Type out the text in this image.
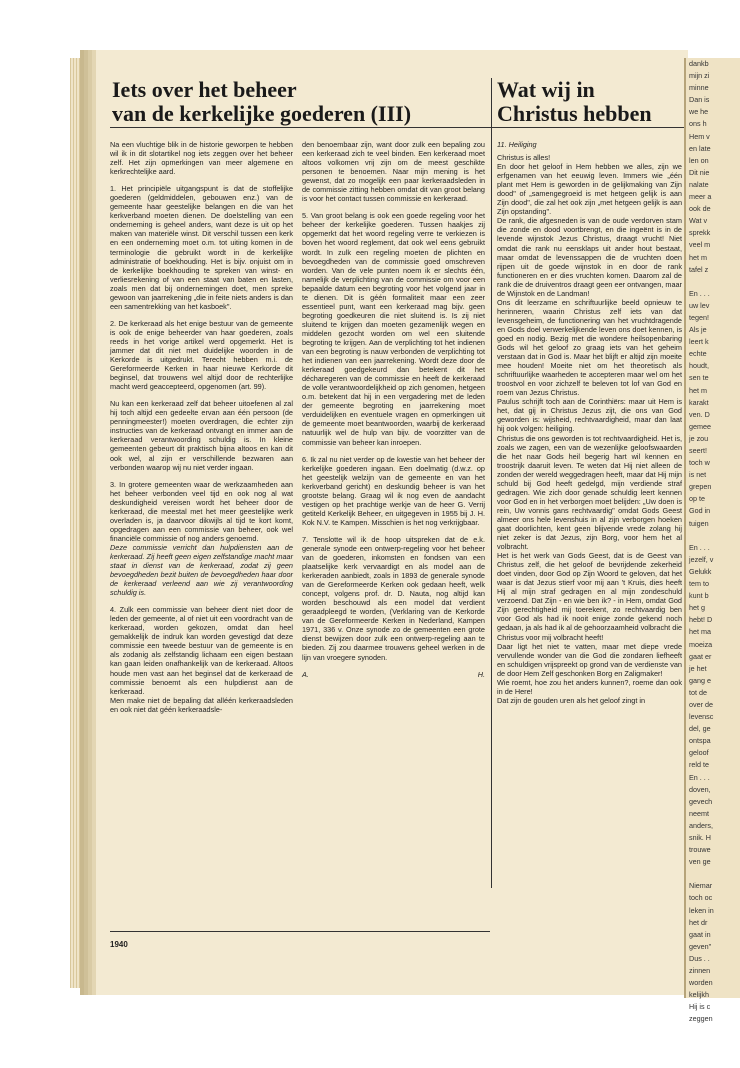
dankb
mijn zi
minne
Dan is
we he
ons h
Hem v
en late
len on
Dit nie
nalate
meer a
ook de
Wat v
sprekk
veel m
het m
tafel z

En . . .
uw lev
tegen!
Als je
leert k
echte
houdt,
sen te
het m
karakt
ven. D
gemee
je zou
seert!
toch w
is net
grepen
op te
God in
tuigen

En . . .
jezelf, v
Gelukk
tem to
kunt b
het g
hebt! D
het ma
moeiza
gaat er
je het
gang e
tot de
over de
levensc
del, ge
ontspa
geloof
reld te
En . . .
doven,
gevech
neemt
anders,
snik. H
trouwe
ven ge

Niemar
toch oc
leken in
het dr
gaat in
geven"
Dus . .
zinnen
worden
kelijkh
Hij is c
zeggen
Iets over het beheer
van de kerkelijke goederen (III)
Wat wij in
Christus hebben

Na een vluchtige blik in de historie geworpen te hebben wil ik in dit slotartikel nog iets zeggen over het beheer zelf. Het zijn opmerkingen van meer algemene en kerkrechtelijke aard.

1. Het principiële uitgangspunt is dat de stoffelijke goederen (geldmiddelen, gebouwen enz.) van de gemeente haar geestelijke belangen en die van het kerkverband moeten dienen. De doelstelling van een onderneming is geheel anders, want deze is uit op het maken van materiële winst. Dit verschil tussen een kerk en een onderneming moet o.m. tot uiting komen in de terminologie die gebruikt wordt in de kerkelijke administratie of boekhouding. Het is bijv. onjuist om in de kerkelijke boekhouding te spreken van winst- en verliesrekening of van een staat van baten en lasten, zoals men dat bij ondernemingen doet, men spreke gewoon van jaarrekening „die in feite niets anders is dan een samentrekking van het kasboek".

2. De kerkeraad als het enige bestuur van de gemeente is ook de enige beheerder van haar goederen, zoals reeds in het vorige artikel werd opgemerkt. Het is jammer dat dit niet met duidelijke woorden in de Kerkorde is uitgedrukt. Terecht hebben m.i. de Gereformeerde Kerken in haar nieuwe Kerkorde dit beginsel, dat trouwens wel altijd door de rechterlijke macht werd geaccepteerd, opgenomen (art. 99).

Nu kan een kerkeraad zelf dat beheer uitoefenen al zal hij toch altijd een gedeelte ervan aan één persoon (de penningmeester!) moeten overdragen, die echter zijn instructies van de kerkeraad ontvangt en immer aan de kerkeraad verantwoording schuldig is. In kleine gemeenten gebeurt dit praktisch bijna altoos en kan dit ook wel, al zijn er verschillende bezwaren aan verbonden waarop wij nu niet verder ingaan.

3. In grotere gemeenten waar de werkzaamheden aan het beheer verbonden veel tijd en ook nog al wat deskundigheid vereisen wordt het beheer door de kerkeraad, die meestal met het meer geestelijke werk overladen is, ja daarvoor dikwijls al tijd te kort komt, opgedragen aan een commissie van beheer, ook wel financiële commissie of nog anders genoemd.

Deze commissie verricht dan hulpdiensten aan de kerkeraad. Zij heeft geen eigen zelfstandige macht maar staat in dienst van de kerkeraad, zodat zij geen bevoegdheden bezit buiten de bevoegdheden haar door de kerkeraad verleend aan wie zij verantwoording schuldig is.

4. Zulk een commissie van beheer dient niet door de leden der gemeente, al of niet uit een voordracht van de kerkeraad, worden gekozen, omdat dan heel gemakkelijk de indruk kan worden gevestigd dat deze commissie een tweede bestuur van de gemeente is en als zodanig als zelfstandig lichaam een eigen bestaan kan gaan leiden onafhankelijk van de kerkeraad. Altoos houde men vast aan het beginsel dat de kerkeraad de commissie benoemt als een hulpdienst aan de kerkeraad.

Men make niet de bepaling dat alléén kerkeraadsleden en ook niet dat géén kerkeraadsle-

den benoembaar zijn, want door zulk een bepaling zou een kerkeraad zich te veel binden. Een kerkeraad moet altoos volkomen vrij zijn om de meest geschikte personen te benoemen. Naar mijn mening is het gewenst, dat zo mogelijk een paar kerkeraadsleden in de commissie zitting hebben omdat dit van groot belang is voor het contact tussen commissie en kerkeraad.

5. Van groot belang is ook een goede regeling voor het beheer der kerkelijke goederen. Tussen haakjes zij opgemerkt dat het woord regeling verre te verkiezen is boven het woord reglement, dat ook wel eens gebruikt wordt. In zulk een regeling moeten de plichten en bevoegdheden van de commissie goed omschreven worden. Van de vele punten noem ik er slechts één, namelijk de verplichting van de commissie om voor een bepaalde datum een begroting voor het volgend jaar in te dienen. Dit is géén formaliteit maar een zeer essentieel punt, want een kerkeraad mag bijv. geen begroting goedkeuren die niet sluitend is. Is zij niet sluitend te krijgen dan moeten gezamenlijk wegen en middelen gezocht worden om wel een sluitende begroting te krijgen. Aan de verplichting tot het indienen van een begroting is nauw verbonden de verplichting tot het indienen van een jaarrekening. Wordt deze door de kerkeraad goedgekeurd dan betekent dit het décharegeren van de commissie en heeft de kerkeraad de volle verantwoordelijkheid op zich genomen, hetgeen o.m. betekent dat hij in een vergadering met de leden der gemeente begroting en jaarrekening moet verduidelijken en eventuele vragen en opmerkingen uit de gemeente moet beantwoorden, waarbij de kerkeraad natuurlijk wel de hulp van bijv. de voorzitter van de commissie van beheer kan inroepen.

6. Ik zal nu niet verder op de kwestie van het beheer der kerkelijke goederen ingaan. Een doelmatig (d.w.z. op het geestelijk welzijn van de gemeente en van het kerkverband gericht) en deskundig beheer is van het grootste belang. Graag wil ik nog even de aandacht vestigen op het prachtige werkje van de heer G. Verrij getiteld Kerkelijk Beheer, en uitgegeven in 1955 bij J. H. Kok N.V. te Kampen. Misschien is het nog verkrijgbaar.

7. Tenslotte wil ik de hoop uitspreken dat de e.k. generale synode een ontwerp-regeling voor het beheer van de goederen, inkomsten en fondsen van een plaatselijke kerk vervaardigt en als model aan de kerkeraden aanbiedt, zoals in 1893 de generale synode van de Gereformeerde Kerken ook gedaan heeft, welk concept, volgens prof. dr. D. Nauta, nog altijd kan worden beschouwd als een model dat verdient geraadpleegd te worden, (Verklaring van de Kerkorde van de Gereformeerde Kerken in Nederland, Kampen 1971, 336 v. Onze synode zo de gemeenten een grote dienst bewijzen door zulk een ontwerp-regeling aan te bieden. Zij zou daarmee trouwens geheel werken in de lijn van vroegere synoden.

A.	H.

11. Heiliging

Christus is alles!

En door het geloof in Hem hebben we alles, zijn we erfgenamen van het eeuwig leven. Immers wie „één plant met Hem is geworden in de gelijkmaking van Zijn dood" of „samengegroeid is met hetgeen gelijk is aan Zijn dood", die zal het ook zijn „met hetgeen gelijk is aan Zijn opstanding".

De rank, die afgesneden is van de oude verdorven stam die zonde en dood voortbrengt, en die ingeënt is in de levende wijnstok Jezus Christus, draagt vrucht! Niet omdat die rank nu eensklaps uit ander hout bestaat, maar omdat de levenssappen die de vruchten doen rijpen uit de goede wijnstok in en door de rank functioneren en er dies vruchten komen. Daarom zal de rank die de druiventros draagt geen eer ontvangen, maar de Wijnstok en de Landman!

Ons dit leerzame en schriftuurlijke beeld opnieuw te herinneren, waarin Christus zelf iets van dat levensgeheim, de functionering van het vruchtdragende en Gods doel verwerkelijkende leven ons doet kennen, is goed en nodig. Bezig met die wondere heilsopenbaring Gods wil het geloof zo graag iets van het geheim verstaan dat in God is. Maar het blijft er altijd zijn moeite mee houden! Moeite niet om het theoretisch als schriftuurlijke waarheden te accepteren maar wel om het troostvol en voor zichzelf te beleven tot lof van God en roem van Jezus Christus.

Paulus schrijft toch aan de Corinthiërs: maar uit Hem is het, dat gij in Christus Jezus zijt, die ons van God geworden is: wijsheid, rechtvaardigheid, maar dan laat hij ook volgen: heiliging.

Christus die ons geworden is tot rechtvaardigheid. Het is, zoals we zagen, een van de wezenlijke geloofswaarden die het naar Gods heil begerig hart wil kennen en troostrijk daaruit leven. Te weten dat Hij niet alleen de zonden der wereld weggedragen heeft, maar dat Hij mijn schuld bij God heeft gedelgd, mijn verdiende straf gedragen. Wie zich door genade schuldig leert kennen voor God en in het verborgen moet belijden: „Uw doen is rein, Uw vonnis gans rechtvaardig" omdat Gods Geest almeer ons hele levenshuis in al zijn verborgen hoeken gaat doorlichten, kent geen blijvende vrede zolang hij niet zeker is dat Jezus, zijn Borg, voor hem het al volbracht.

Het is het werk van Gods Geest, dat is de Geest van Christus zelf, die het geloof de bevrijdende zekerheid doet vinden, door God op Zijn Woord te geloven, dat het waar is dat Jezus stierf voor mij aan 't Kruis, dies heeft Hij al mijn straf gedragen en al mijn zondeschuld verzoend. Dat Zijn - en wie ben ik? - in Hem, omdat God Zijn gerechtigheid mij toerekent, zo rechtvaardig ben voor God als had ik nooit enige zonde gekend noch gedaan, ja als had ik al de gehoorzaamheid volbracht die Christus voor mij volbracht heeft!

Daar ligt het niet te vatten, maar met diepe vrede vervullende wonder van die God die zondaren liefheeft en schuldigen vrijspreekt op grond van de verdienste van de door Hem Zelf geschonken Borg en Zaligmaker!

Wie roemt, hoe zou het anders kunnen?, roeme dan ook in de Here!

Dat zijn de gouden uren als het geloof zingt in

1940
